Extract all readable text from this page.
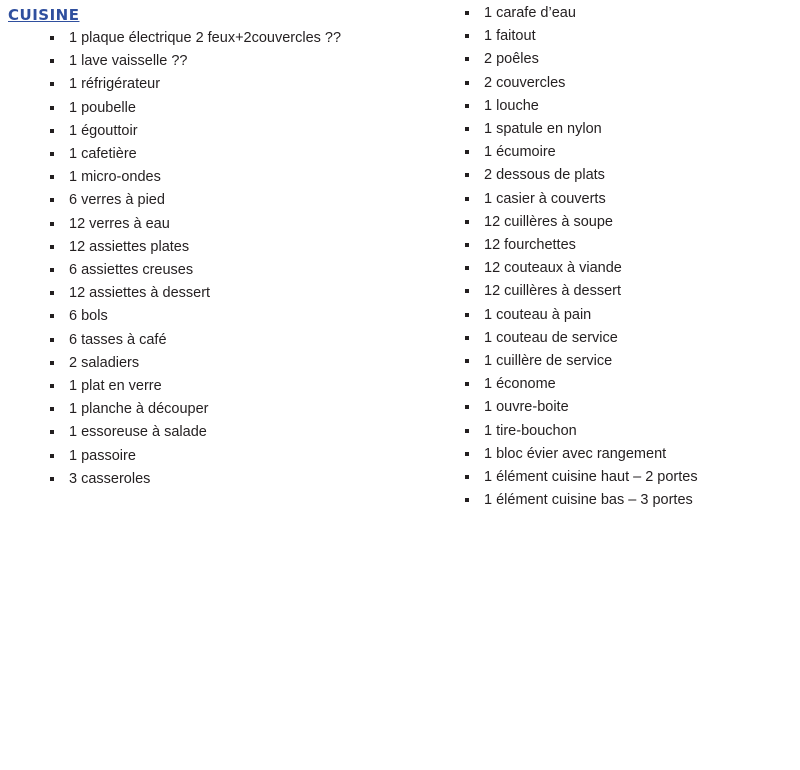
CUISINE
1 plaque électrique 2 feux+2couvercles ??
1 lave vaisselle ??
1 réfrigérateur
1 poubelle
1 égouttoir
1 cafetière
1 micro-ondes
6 verres à pied
12 verres à eau
12 assiettes plates
6 assiettes creuses
12 assiettes à dessert
6 bols
6 tasses à café
2 saladiers
1 plat en verre
1 planche à découper
1 essoreuse à salade
1 passoire
3 casseroles
1 carafe d’eau
1 faitout
2 poêles
2 couvercles
1 louche
1 spatule en nylon
1 écumoire
2 dessous de plats
1 casier à couverts
12 cuillères à soupe
12 fourchettes
12 couteaux à viande
12 cuillères à dessert
1 couteau à pain
1 couteau de service
1 cuillère de service
1 économe
1 ouvre-boite
1 tire-bouchon
1 bloc évier avec rangement
1 élément cuisine haut – 2 portes
1 élément cuisine bas – 3 portes
